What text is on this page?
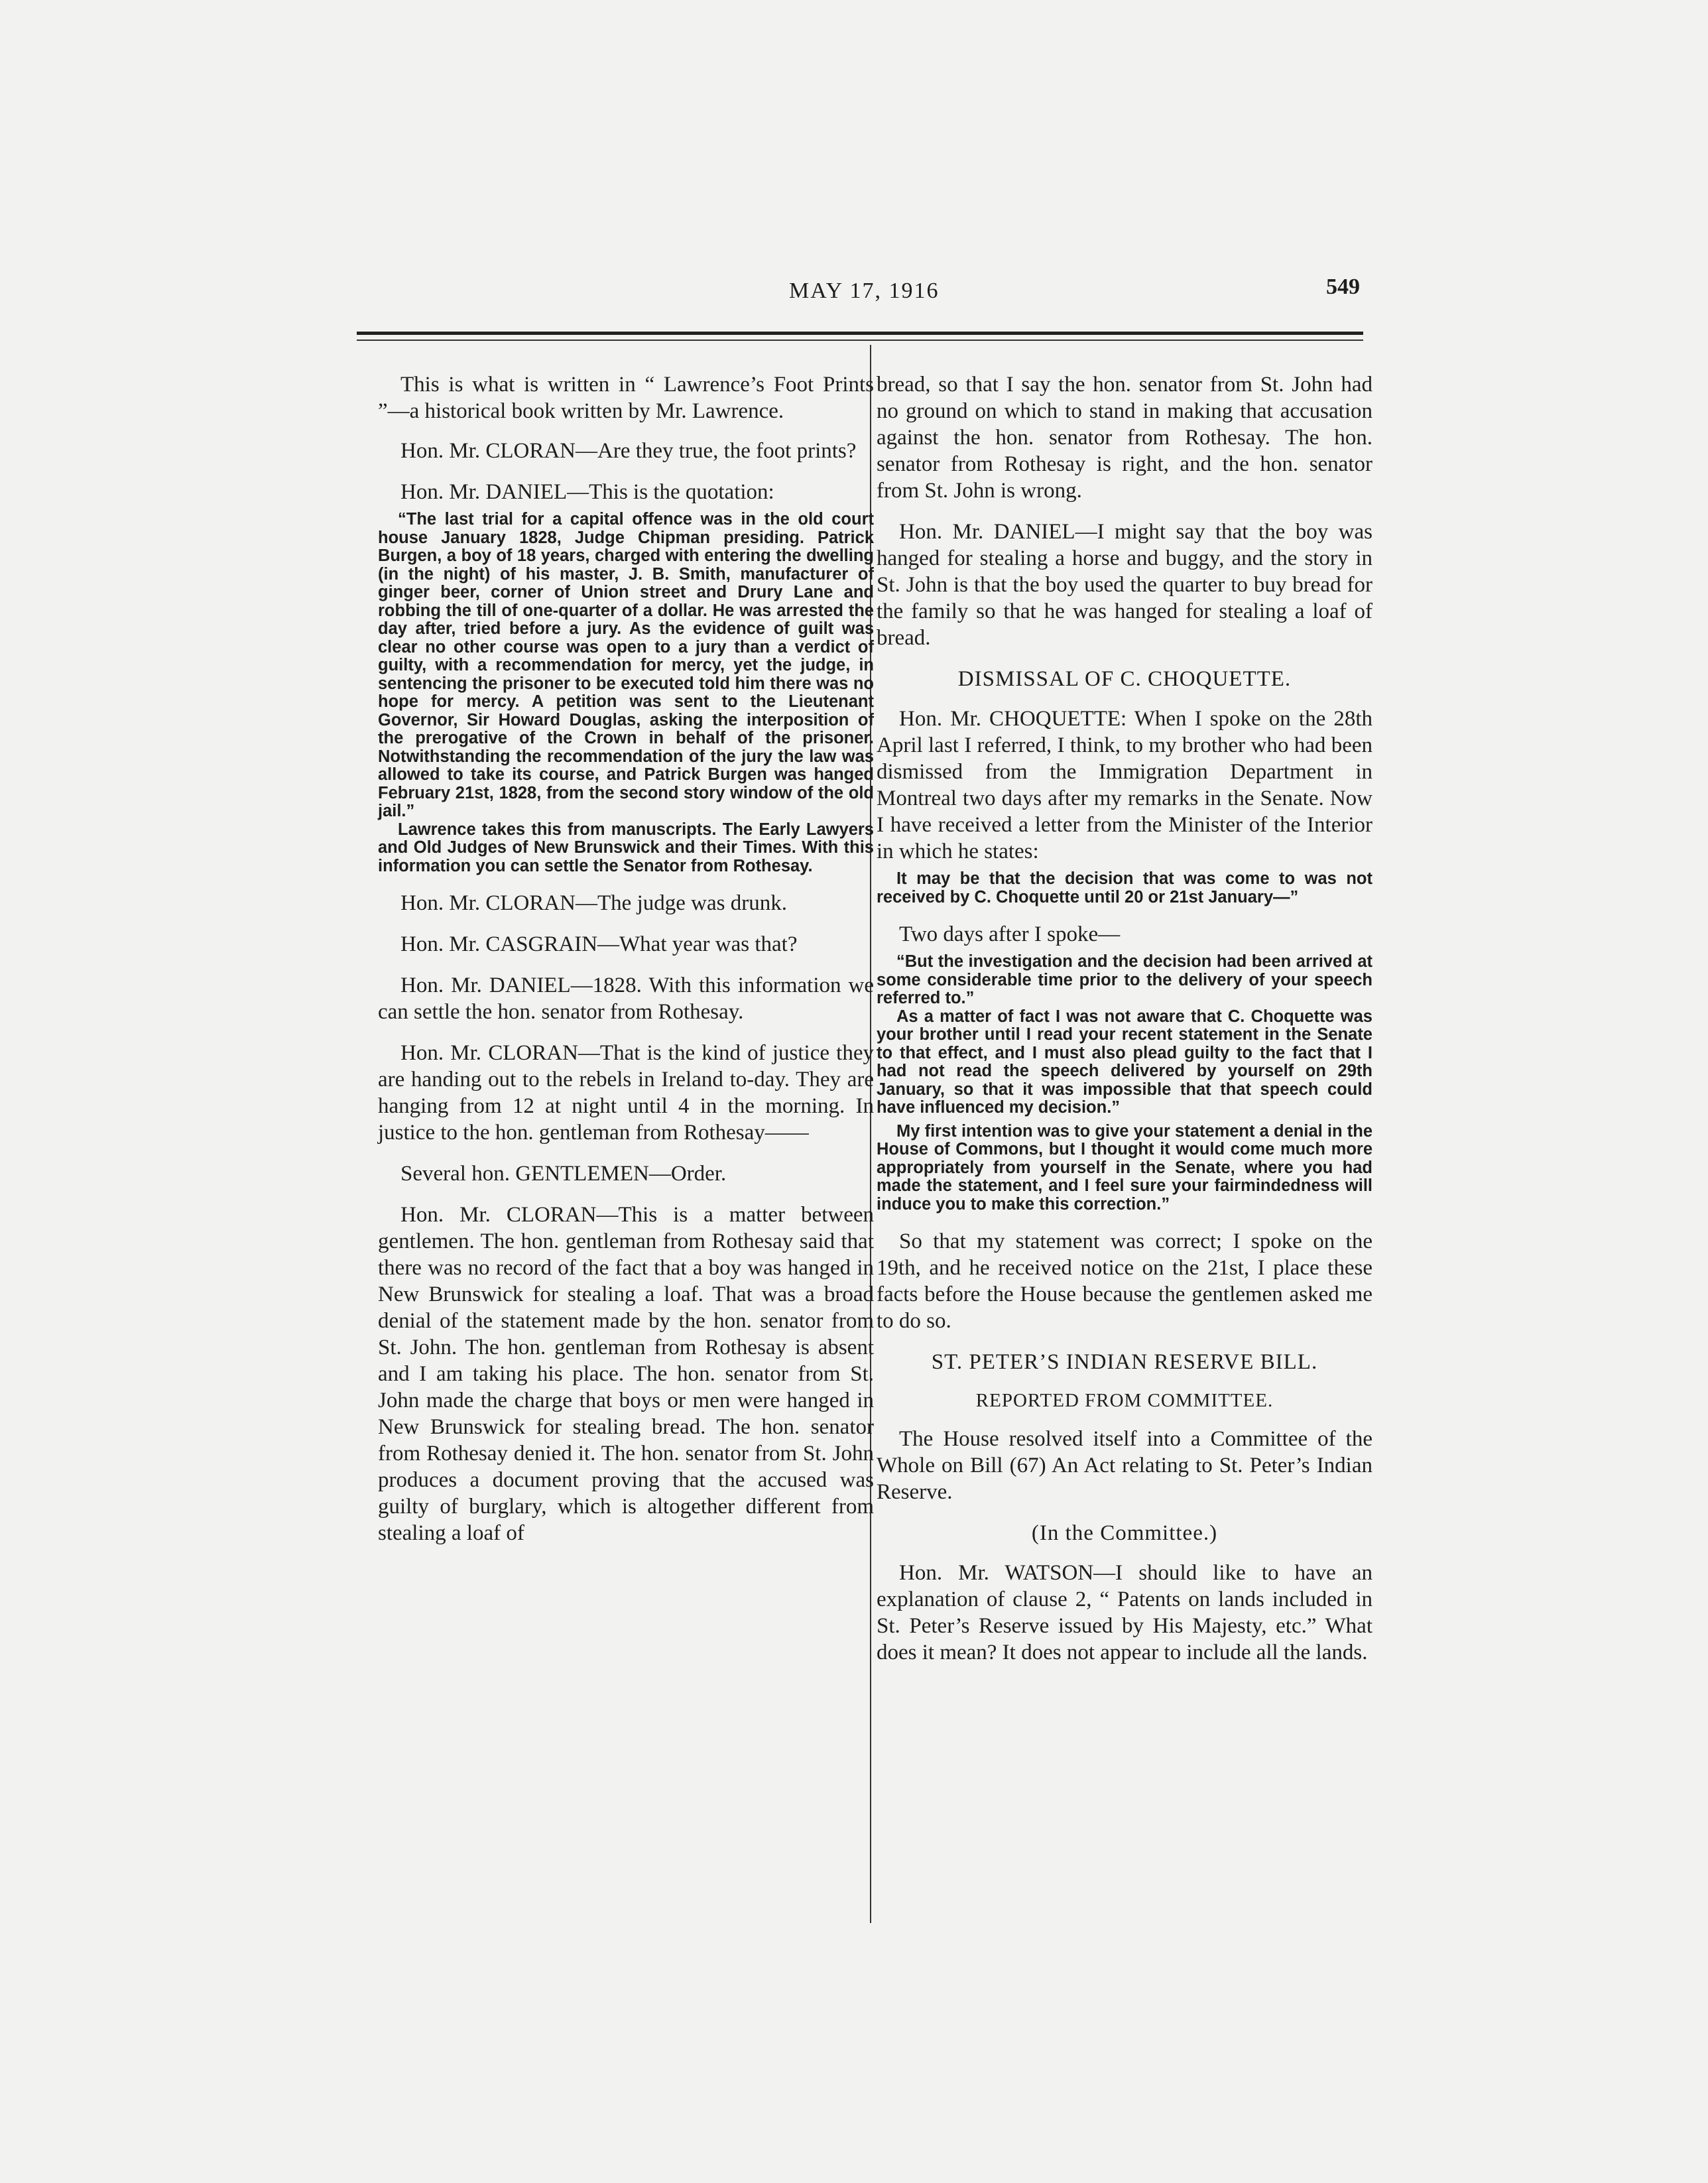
MAY 17, 1916	549

This is what is written in “ Lawrence’s Foot Prints ”—a historical book written by Mr. Lawrence.

Hon. Mr. CLORAN—Are they true, the foot prints?

Hon. Mr. DANIEL—This is the quotation:

“The last trial for a capital offence was in the old court house January 1828, Judge Chipman presiding. Patrick Burgen, a boy of 18 years, charged with entering the dwelling (in the night) of his master, J. B. Smith, manufacturer of ginger beer, corner of Union street and Drury Lane and robbing the till of one-quarter of a dollar. He was arrested the day after, tried before a jury. As the evidence of guilt was clear no other course was open to a jury than a verdict of guilty, with a recommendation for mercy, yet the judge, in sentencing the prisoner to be executed told him there was no hope for mercy. A petition was sent to the Lieutenant Governor, Sir Howard Douglas, asking the interposition of the prerogative of the Crown in behalf of the prisoner. Notwithstanding the recommendation of the jury the law was allowed to take its course, and Patrick Burgen was hanged February 21st, 1828, from the second story window of the old jail.”

Lawrence takes this from manuscripts. The Early Lawyers and Old Judges of New Brunswick and their Times. With this information you can settle the Senator from Rothesay.

Hon. Mr. CLORAN—The judge was drunk.

Hon. Mr. CASGRAIN—What year was that?

Hon. Mr. DANIEL—1828. With this information we can settle the hon. senator from Rothesay.

Hon. Mr. CLORAN—That is the kind of justice they are handing out to the rebels in Ireland to-day. They are hanging from 12 at night until 4 in the morning. In justice to the hon. gentleman from Rothesay——

Several hon. GENTLEMEN—Order.

Hon. Mr. CLORAN—This is a matter between gentlemen. The hon. gentleman from Rothesay said that there was no record of the fact that a boy was hanged in New Brunswick for stealing a loaf. That was a broad denial of the statement made by the hon. senator from St. John. The hon. gentleman from Rothesay is absent and I am taking his place. The hon. senator from St. John made the charge that boys or men were hanged in New Brunswick for stealing bread. The hon. senator from Rothesay denied it. The hon. senator from St. John produces a document proving that the accused was guilty of burglary, which is altogether different from stealing a loaf of

bread, so that I say the hon. senator from St. John had no ground on which to stand in making that accusation against the hon. senator from Rothesay. The hon. senator from Rothesay is right, and the hon. senator from St. John is wrong.

Hon. Mr. DANIEL—I might say that the boy was hanged for stealing a horse and buggy, and the story in St. John is that the boy used the quarter to buy bread for the family so that he was hanged for stealing a loaf of bread.

DISMISSAL OF C. CHOQUETTE.

Hon. Mr. CHOQUETTE: When I spoke on the 28th April last I referred, I think, to my brother who had been dismissed from the Immigration Department in Montreal two days after my remarks in the Senate. Now I have received a letter from the Minister of the Interior in which he states:

It may be that the decision that was come to was not received by C. Choquette until 20 or 21st January—”

Two days after I spoke—

“But the investigation and the decision had been arrived at some considerable time prior to the delivery of your speech referred to.”

As a matter of fact I was not aware that C. Choquette was your brother until I read your recent statement in the Senate to that effect, and I must also plead guilty to the fact that I had not read the speech delivered by yourself on 29th January, so that it was impossible that that speech could have influenced my decision.”

My first intention was to give your statement a denial in the House of Commons, but I thought it would come much more appropriately from yourself in the Senate, where you had made the statement, and I feel sure your fairmindedness will induce you to make this correction.”

So that my statement was correct; I spoke on the 19th, and he received notice on the 21st, I place these facts before the House because the gentlemen asked me to do so.

ST. PETER’S INDIAN RESERVE BILL.
REPORTED FROM COMMITTEE.

The House resolved itself into a Committee of the Whole on Bill (67) An Act relating to St. Peter’s Indian Reserve.

(In the Committee.)

Hon. Mr. WATSON—I should like to have an explanation of clause 2, “ Patents on lands included in St. Peter’s Reserve issued by His Majesty, etc.” What does it mean? It does not appear to include all the lands.
